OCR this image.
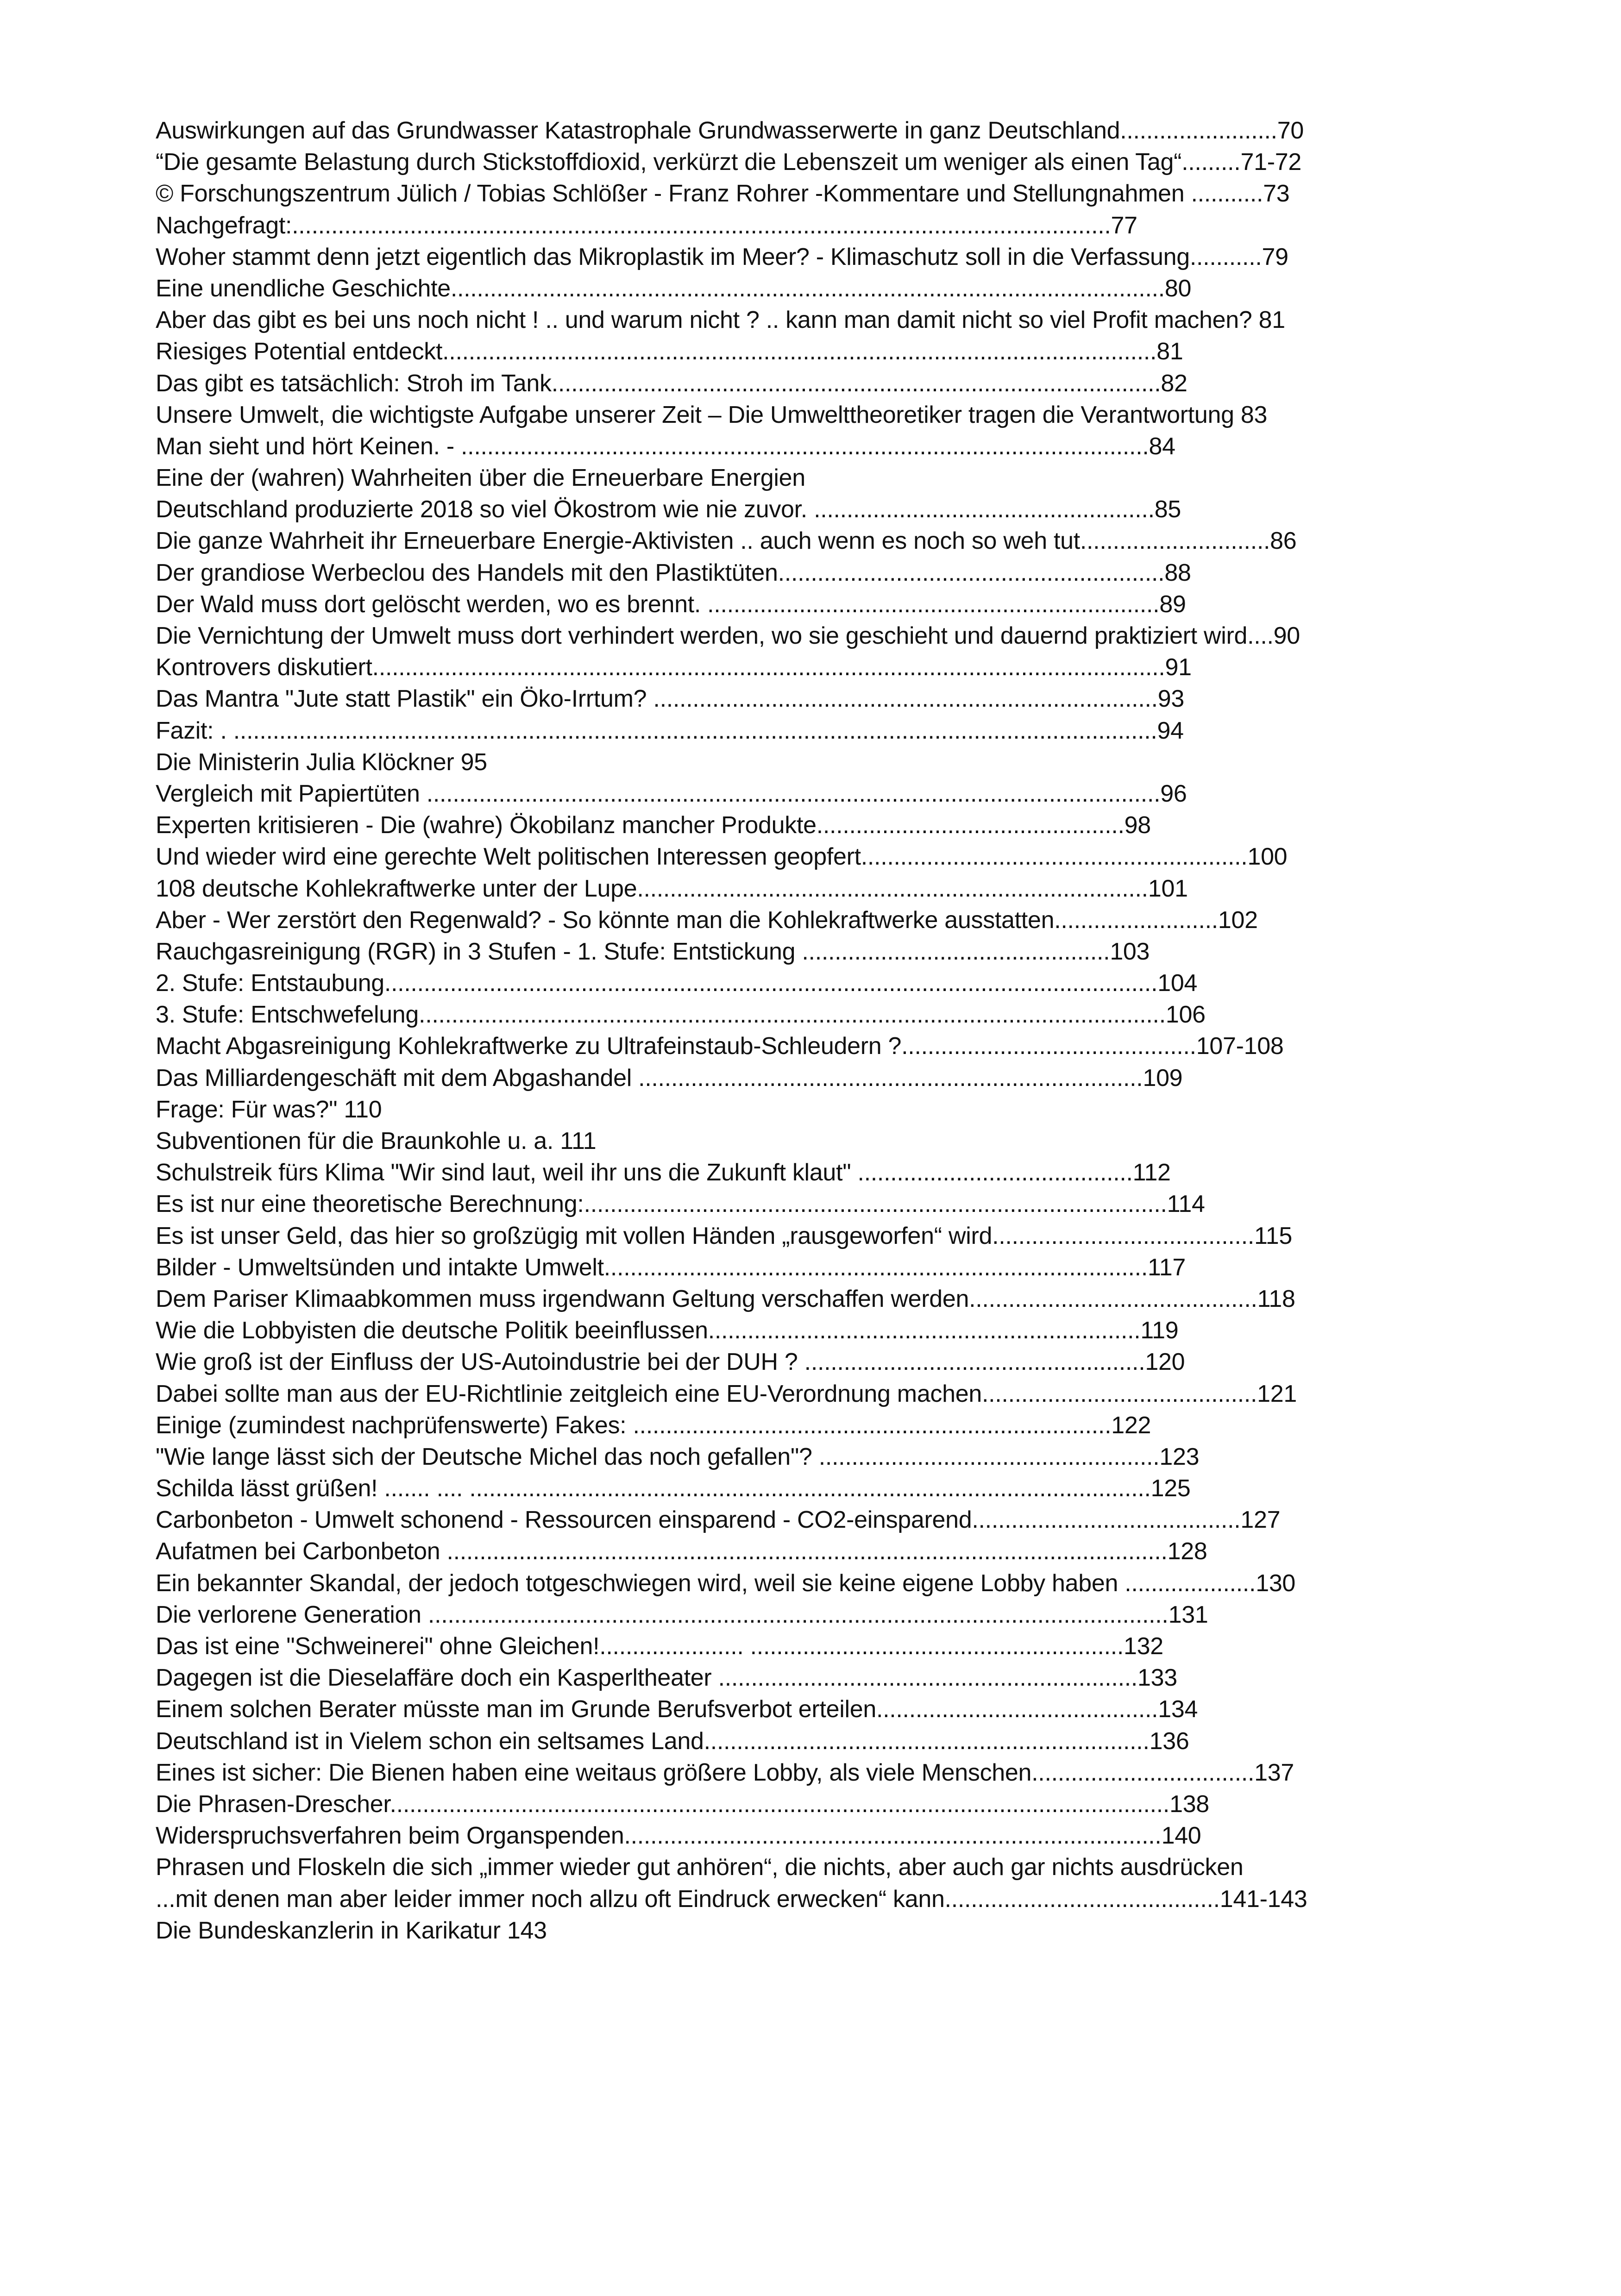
Auswirkungen auf das Grundwasser Katastrophale Grundwasserwerte in ganz Deutschland........................70
“Die gesamte Belastung durch Stickstoffdioxid, verkürzt die Lebenszeit um weniger als einen Tag“.........71-72
© Forschungszentrum Jülich / Tobias Schlößer - Franz Rohrer -Kommentare und Stellungnahmen ...........73
Nachgefragt:.............................................................................................................................77
Woher stammt denn jetzt eigentlich das Mikroplastik im Meer? - Klimaschutz soll in die Verfassung...........79
Eine unendliche Geschichte.............................................................................................................80
Aber das gibt es bei uns noch nicht ! .. und warum nicht ? .. kann man damit nicht so viel Profit machen? 81
Riesiges Potential entdeckt.............................................................................................................81
Das gibt es tatsächlich: Stroh im Tank.............................................................................................82
Unsere Umwelt, die wichtigste Aufgabe unserer Zeit – Die Umwelttheoretiker tragen die Verantwortung 83
Man sieht und hört Keinen. - .........................................................................................................84
Eine der (wahren) Wahrheiten über die Erneuerbare Energien
Deutschland produzierte 2018 so viel Ökostrom wie nie zuvor. ....................................................85
Die ganze Wahrheit ihr Erneuerbare Energie-Aktivisten .. auch wenn es noch so weh tut.............................86
Der grandiose Werbeclou des Handels mit den Plastiktüten...........................................................88
Der Wald muss dort gelöscht werden, wo es brennt. .....................................................................89
Die Vernichtung der Umwelt muss dort verhindert werden, wo sie geschieht und dauernd praktiziert wird....90
Kontrovers diskutiert.........................................................................................................................91
Das Mantra "Jute statt Plastik" ein Öko-Irrtum? .............................................................................93
Fazit: . .............................................................................................................................................94
Die Ministerin Julia Klöckner 95
Vergleich mit Papiertüten ................................................................................................................96
Experten kritisieren - Die (wahre) Ökobilanz mancher Produkte...............................................98
Und wieder wird eine gerechte Welt politischen Interessen geopfert...........................................................100
108 deutsche Kohlekraftwerke unter der Lupe..............................................................................101
Aber - Wer zerstört den Regenwald? - So könnte man die Kohlekraftwerke ausstatten.........................102
Rauchgasreinigung (RGR) in 3 Stufen - 1. Stufe: Entstickung ...............................................103
2. Stufe: Entstaubung......................................................................................................................104
3. Stufe: Entschwefelung..................................................................................................................106
Macht Abgasreinigung Kohlekraftwerke zu Ultrafeinstaub-Schleudern ?.............................................107-108
Das Milliardengeschäft mit dem Abgashandel .............................................................................109
Frage: Für was?" 110
Subventionen für die Braunkohle u. a. 111
Schulstreik fürs Klima "Wir sind laut, weil ihr uns die Zukunft klaut" ..........................................112
Es ist nur eine theoretische Berechnung:.........................................................................................114
Es ist unser Geld, das hier so großzügig mit vollen Händen „rausgeworfen“ wird........................................115
Bilder - Umweltsünden und intakte Umwelt...................................................................................117
Dem Pariser Klimaabkommen muss irgendwann Geltung verschaffen werden............................................118
Wie die Lobbyisten die deutsche Politik beeinflussen..................................................................119
Wie groß ist der Einfluss der US-Autoindustrie bei der DUH ? ....................................................120
Dabei sollte man aus der EU-Richtlinie zeitgleich eine EU-Verordnung machen..........................................121
Einige (zumindest nachprüfenswerte) Fakes: .........................................................................122
"Wie lange lässt sich der Deutsche Michel das noch gefallen"? ....................................................123
Schilda lässt grüßen! ....... .... ........................................................................................................125
Carbonbeton - Umwelt schonend - Ressourcen einsparend - CO2-einsparend.........................................127
Aufatmen bei Carbonbeton ..............................................................................................................128
Ein bekannter Skandal, der jedoch totgeschwiegen wird, weil sie keine eigene Lobby haben ....................130
Die verlorene Generation .................................................................................................................131
Das ist eine "Schweinerei" ohne Gleichen!...................... .........................................................132
Dagegen ist die Dieselaffäre doch ein Kasperltheater ................................................................133
Einem solchen Berater müsste man im Grunde Berufsverbot erteilen...........................................134
Deutschland ist in Vielem schon ein seltsames Land....................................................................136
Eines ist sicher: Die Bienen haben eine weitaus größere Lobby, als viele Menschen..................................137
Die Phrasen-Drescher.......................................................................................................................138
Widerspruchsverfahren beim Organspenden..................................................................................140
Phrasen und Floskeln die sich „immer wieder gut anhören“, die nichts, aber auch gar nichts ausdrücken
...mit denen man aber leider immer noch allzu oft Eindruck erwecken“ kann..........................................141-143
Die Bundeskanzlerin in Karikatur 143
